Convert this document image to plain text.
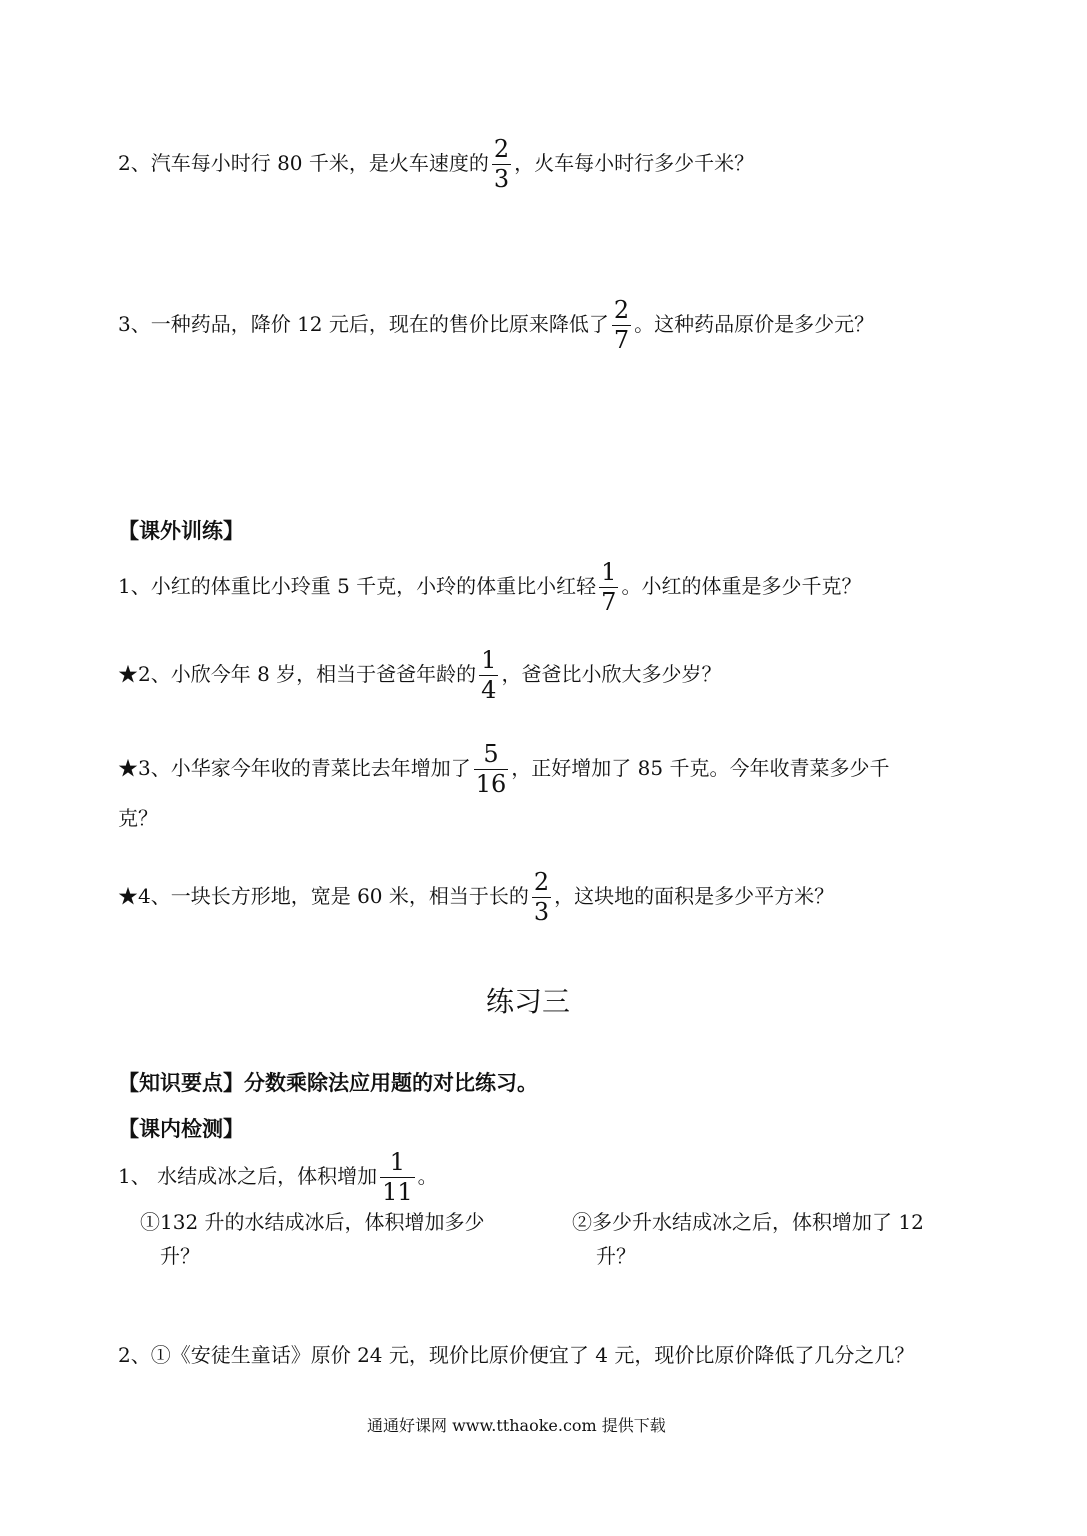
2、汽车每小时行 80 千米，是火车速度的 $\frac{2}{3}$ ，火车每小时行多少千米？
3、一种药品，降价 12 元后，现在的售价比原来降低了 $\frac{2}{7}$ 。这种药品原价是多少元？
【课外训练】
1、小红的体重比小玲重 5 千克，小玲的体重比小红轻 $\frac{1}{7}$ 。小红的体重是多少千克？
★2、小欣今年 8 岁，相当于爸爸年龄的 $\frac{1}{4}$ ，爸爸比小欣大多少岁？
★3、小华家今年收的青菜比去年增加了 $\frac{5}{16}$ ，正好增加了 85 千克。今年收青菜多少千
克？
★4、一块长方形地，宽是 60 米，相当于长的 $\frac{2}{3}$ ，这块地的面积是多少平方米？
练习三
【知识要点】分数乘除法应用题的对比练习。
【课内检测】
1、 水结成冰之后，体积增加 $\frac{1}{11}$ 。
①132 升的水结成冰后，体积增加多少
升？
②多少升水结成冰之后，体积增加了 12
升？
2、①《安徒生童话》原价 24 元，现价比原价便宜了 4 元，现价比原价降低了几分之几？
通通好课网 www.tthaoke.com 提供下载
